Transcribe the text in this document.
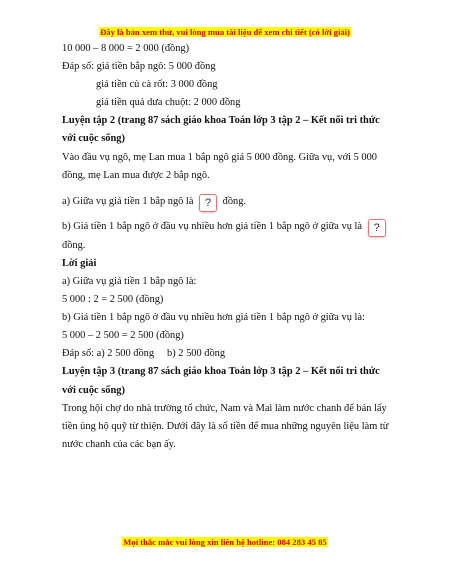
Đây là bản xem thử, vui lòng mua tài liệu để xem chi tiết (có lời giải)
10 000 – 8 000 = 2 000 (đồng)
Đáp số: giá tiền bắp ngô: 5 000 đồng
giá tiền củ cà rốt: 3 000 đồng
giá tiền quả dưa chuột: 2 000 đồng
Luyện tập 2 (trang 87 sách giáo khoa Toán lớp 3 tập 2 – Kết nối tri thức với cuộc sống)
Vào đầu vụ ngô, mẹ Lan mua 1 bắp ngô giá 5 000 đồng. Giữa vụ, với 5 000 đồng, mẹ Lan mua được 2 bắp ngô.
a) Giữa vụ giá tiền 1 bắp ngô là ? đồng.
b) Giá tiền 1 bắp ngô ở đầu vụ nhiều hơn giá tiền 1 bắp ngô ở giữa vụ là ?
đồng.
Lời giải
a) Giữa vụ giá tiền 1 bắp ngô là:
5 000 : 2 = 2 500 (đồng)
b) Giá tiền 1 bắp ngô ở đầu vụ nhiều hơn giá tiền 1 bắp ngô ở giữa vụ là:
5 000 – 2 500 = 2 500 (đồng)
Đáp số: a) 2 500 đồng     b) 2 500 đồng
Luyện tập 3 (trang 87 sách giáo khoa Toán lớp 3 tập 2 – Kết nối tri thức với cuộc sống)
Trong hội chợ do nhà trường tổ chức, Nam và Mai làm nước chanh để bán lấy tiền ủng hộ quỹ từ thiện. Dưới đây là số tiền để mua những nguyên liệu làm từ nước chanh của các bạn ấy.
Mọi thắc mắc vui lòng xin liên hệ hotline: 084 283 45 85
